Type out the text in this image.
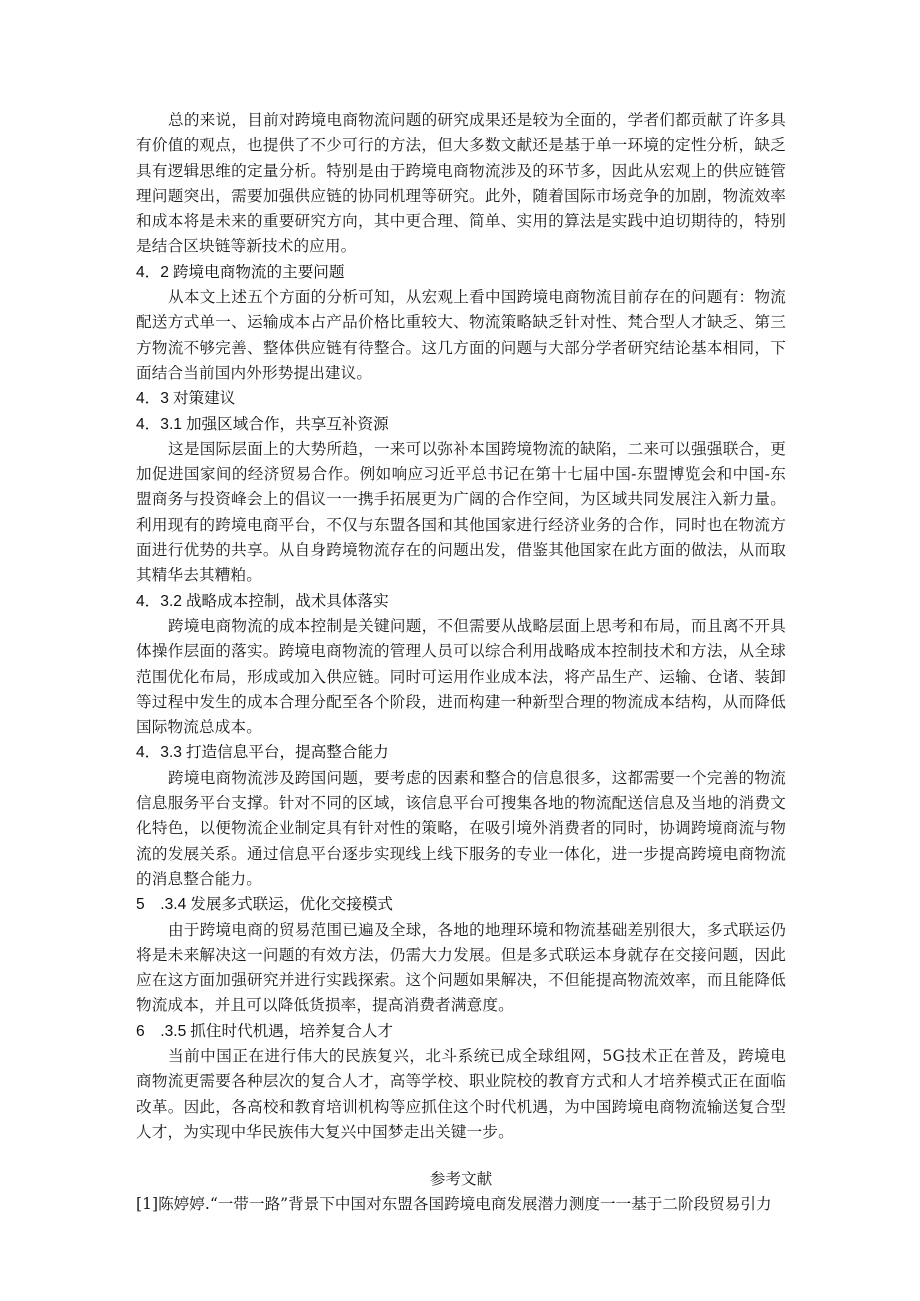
总的来说，目前对跨境电商物流问题的研究成果还是较为全面的，学者们都贡献了许多具有价值的观点，也提供了不少可行的方法，但大多数文献还是基于单一环境的定性分析，缺乏具有逻辑思维的定量分析。特别是由于跨境电商物流涉及的环节多，因此从宏观上的供应链管理问题突出，需要加强供应链的协同机理等研究。此外，随着国际市场竞争的加剧，物流效率和成本将是未来的重要研究方向，其中更合理、简单、实用的算法是实践中迫切期待的，特别是结合区块链等新技术的应用。

4．2 跨境电商物流的主要问题

从本文上述五个方面的分析可知，从宏观上看中国跨境电商物流目前存在的问题有：物流配送方式单一、运输成本占产品价格比重较大、物流策略缺乏针对性、梵合型人才缺乏、第三方物流不够完善、整体供应链有待整合。这几方面的问题与大部分学者研究结论基本相同，下面结合当前国内外形势提出建议。

4．3 对策建议
4．3.1 加强区域合作，共享互补资源

这是国际层面上的大势所趋，一来可以弥补本国跨境物流的缺陷，二来可以强强联合，更加促进国家间的经济贸易合作。例如响应习近平总书记在第十七届中国-东盟博览会和中国-东盟商务与投资峰会上的倡议一一携手拓展更为广阔的合作空间，为区域共同发展注入新力量。利用现有的跨境电商平台，不仅与东盟各国和其他国家进行经济业务的合作，同时也在物流方面进行优势的共享。从自身跨境物流存在的问题出发，借鉴其他国家在此方面的做法，从而取其精华去其糟粕。

4．3.2 战略成本控制，战术具体落实

跨境电商物流的成本控制是关键问题，不但需要从战略层面上思考和布局，而且离不开具体操作层面的落实。跨境电商物流的管理人员可以综合利用战略成本控制技术和方法，从全球范围优化布局，形成或加入供应链。同时可运用作业成本法，将产品生产、运输、仓诸、装卸等过程中发生的成本合理分配至各个阶段，进而构建一种新型合理的物流成本结构，从而降低国际物流总成本。

4．3.3 打造信息平台，提高整合能力

跨境电商物流涉及跨国问题，要考虑的因素和整合的信息很多，这都需要一个完善的物流信息服务平台支撑。针对不同的区域，该信息平台可搜集各地的物流配送信息及当地的消费文化特色，以便物流企业制定具有针对性的策略，在吸引境外消费者的同时，协调跨境商流与物流的发展关系。通过信息平台逐步实现线上线下服务的专业一体化，进一步提高跨境电商物流的消息整合能力。

5　.3.4 发展多式联运，优化交接模式

由于跨境电商的贸易范围已遍及全球，各地的地理环境和物流基础差别很大，多式联运仍将是未来解决这一问题的有效方法，仍需大力发展。但是多式联运本身就存在交接问题，因此应在这方面加强研究并进行实践探索。这个问题如果解决，不但能提高物流效率，而且能降低物流成本，并且可以降低货损率，提高消费者满意度。

6　.3.5 抓住时代机遇，培养复合人才

当前中国正在进行伟大的民族复兴，北斗系统已成全球组网，5G技术正在普及，跨境电商物流更需要各种层次的复合人才，高等学校、职业院校的教育方式和人才培养模式正在面临改革。因此，各高校和教育培训机构等应抓住这个时代机遇，为中国跨境电商物流输送复合型人才，为实现中华民族伟大复兴中国梦走出关键一步。

参考文献
[1]陈婷婷.“一带一路”背景下中国对东盟各国跨境电商发展潜力测度一一基于二阶段贸易引力
